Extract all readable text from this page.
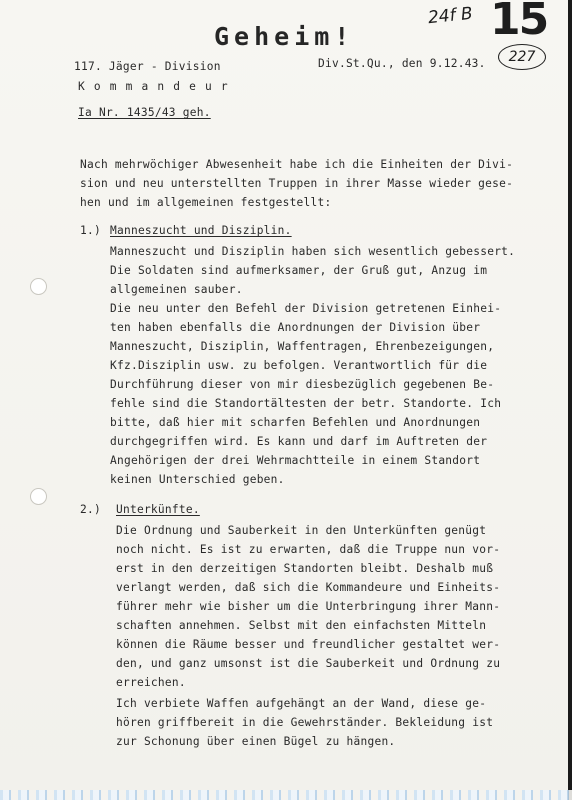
Geheim!
24f B 15
227
117. Jäger - Division
K o m m a n d e u r
Ia Nr. 1435/43 geh.
Div.St.Qu., den 9.12.43.
Nach mehrwöchiger Abwesenheit habe ich die Einheiten der Divi-
sion und neu unterstellten Truppen in ihrer Masse wieder gese-
hen und im allgemeinen festgestellt:
1.) Manneszucht und Disziplin.
Manneszucht und Disziplin haben sich wesentlich gebessert.
Die Soldaten sind aufmerksamer, der Gruß gut, Anzug im
allgemeinen sauber.
Die neu unter den Befehl der Division getretenen Einhei-
ten haben ebenfalls die Anordnungen der Division über
Manneszucht, Disziplin, Waffentragen, Ehrenbezeigungen,
Kfz.Disziplin usw. zu befolgen. Verantwortlich für die
Durchführung dieser von mir diesbezüglich gegebenen Be-
fehle sind die Standortältesten der betr. Standorte. Ich
bitte, daß hier mit scharfen Befehlen und Anordnungen
durchgegriffen wird. Es kann und darf im Auftreten der
Angehörigen der drei Wehrmachtteile in einem Standort
keinen Unterschied geben.
2.) Unterkünfte.
Die Ordnung und Sauberkeit in den Unterkünften genügt
noch nicht. Es ist zu erwarten, daß die Truppe nun vor-
erst in den derzeitigen Standorten bleibt. Deshalb muß
verlangt werden, daß sich die Kommandeure und Einheits-
führer mehr wie bisher um die Unterbringung ihrer Mann-
schaften annehmen. Selbst mit den einfachsten Mitteln
können die Räume besser und freundlicher gestaltet wer-
den, und ganz umsonst ist die Sauberkeit und Ordnung zu
erreichen.
Ich verbiete Waffen aufgehängt an der Wand, diese ge-
hören griffbereit in die Gewehrständer. Bekleidung ist
zur Schonung über einen Bügel zu hängen.
